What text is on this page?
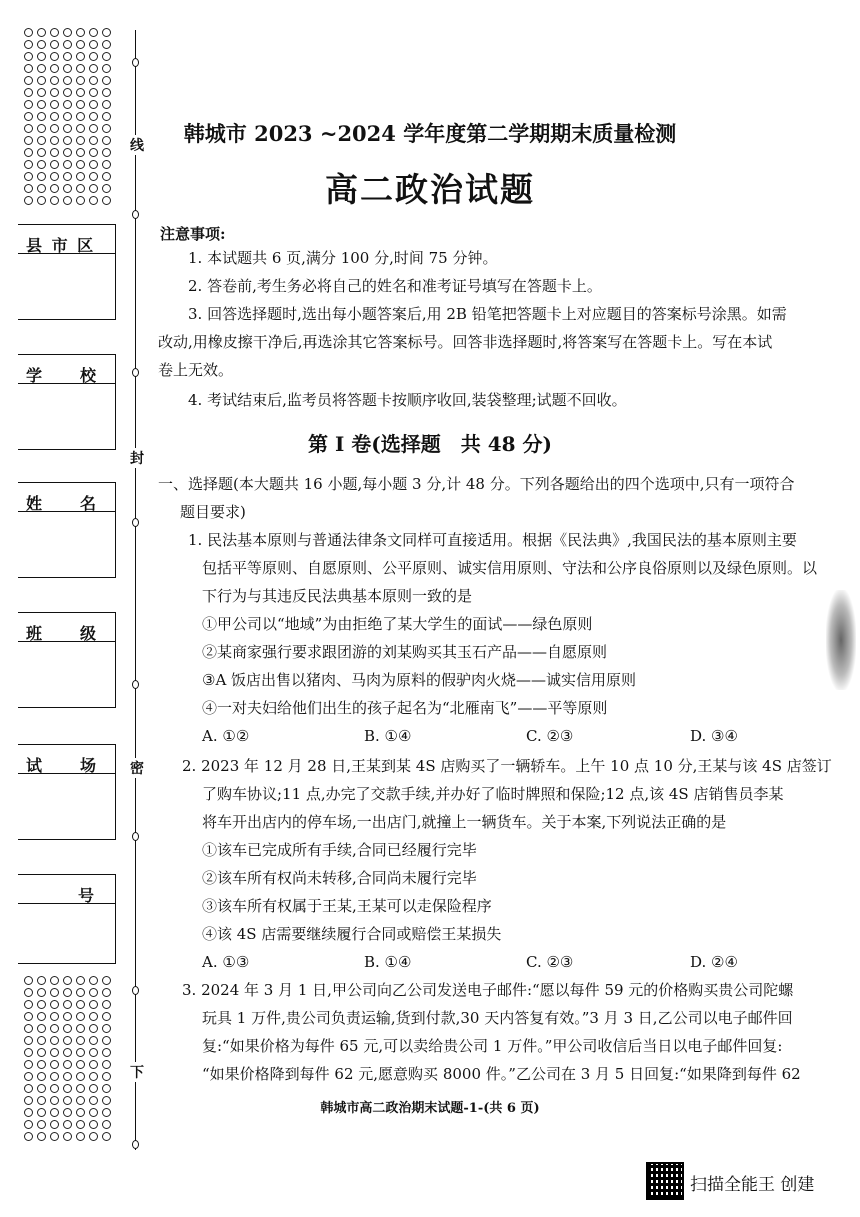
线
封
密
下
县 市 区
学　　校
姓　　名
班　　级
试　　场
号
韩城市 2023 ~2024 学年度第二学期期末质量检测
高二政治试题
注意事项:
1. 本试题共 6 页,满分 100 分,时间 75 分钟。
2. 答卷前,考生务必将自己的姓名和准考证号填写在答题卡上。
3. 回答选择题时,选出每小题答案后,用 2B 铅笔把答题卡上对应题目的答案标号涂黑。如需
改动,用橡皮擦干净后,再选涂其它答案标号。回答非选择题时,将答案写在答题卡上。写在本试
卷上无效。
4. 考试结束后,监考员将答题卡按顺序收回,装袋整理;试题不回收。
第 I 卷(选择题　共 48 分)
一、选择题(本大题共 16 小题,每小题 3 分,计 48 分。下列各题给出的四个选项中,只有一项符合
题目要求)
1. 民法基本原则与普通法律条文同样可直接适用。根据《民法典》,我国民法的基本原则主要
包括平等原则、自愿原则、公平原则、诚实信用原则、守法和公序良俗原则以及绿色原则。以
下行为与其违反民法典基本原则一致的是
①甲公司以“地域”为由拒绝了某大学生的面试——绿色原则
②某商家强行要求跟团游的刘某购买其玉石产品——自愿原则
③A 饭店出售以猪肉、马肉为原料的假驴肉火烧——诚实信用原则
④一对夫妇给他们出生的孩子起名为“北雁南飞”——平等原则
A. ①②	B. ①④	C. ②③	D. ③④
2. 2023 年 12 月 28 日,王某到某 4S 店购买了一辆轿车。上午 10 点 10 分,王某与该 4S 店签订
了购车协议;11 点,办完了交款手续,并办好了临时牌照和保险;12 点,该 4S 店销售员李某
将车开出店内的停车场,一出店门,就撞上一辆货车。关于本案,下列说法正确的是
①该车已完成所有手续,合同已经履行完毕
②该车所有权尚未转移,合同尚未履行完毕
③该车所有权属于王某,王某可以走保险程序
④该 4S 店需要继续履行合同或赔偿王某损失
A. ①③	B. ①④	C. ②③	D. ②④
3. 2024 年 3 月 1 日,甲公司向乙公司发送电子邮件:“愿以每件 59 元的价格购买贵公司陀螺
玩具 1 万件,贵公司负责运输,货到付款,30 天内答复有效。”3 月 3 日,乙公司以电子邮件回
复:“如果价格为每件 65 元,可以卖给贵公司 1 万件。”甲公司收信后当日以电子邮件回复:
“如果价格降到每件 62 元,愿意购买 8000 件。”乙公司在 3 月 5 日回复:“如果降到每件 62
韩城市高二政治期末试题-1-(共 6 页)
扫描全能王 创建
